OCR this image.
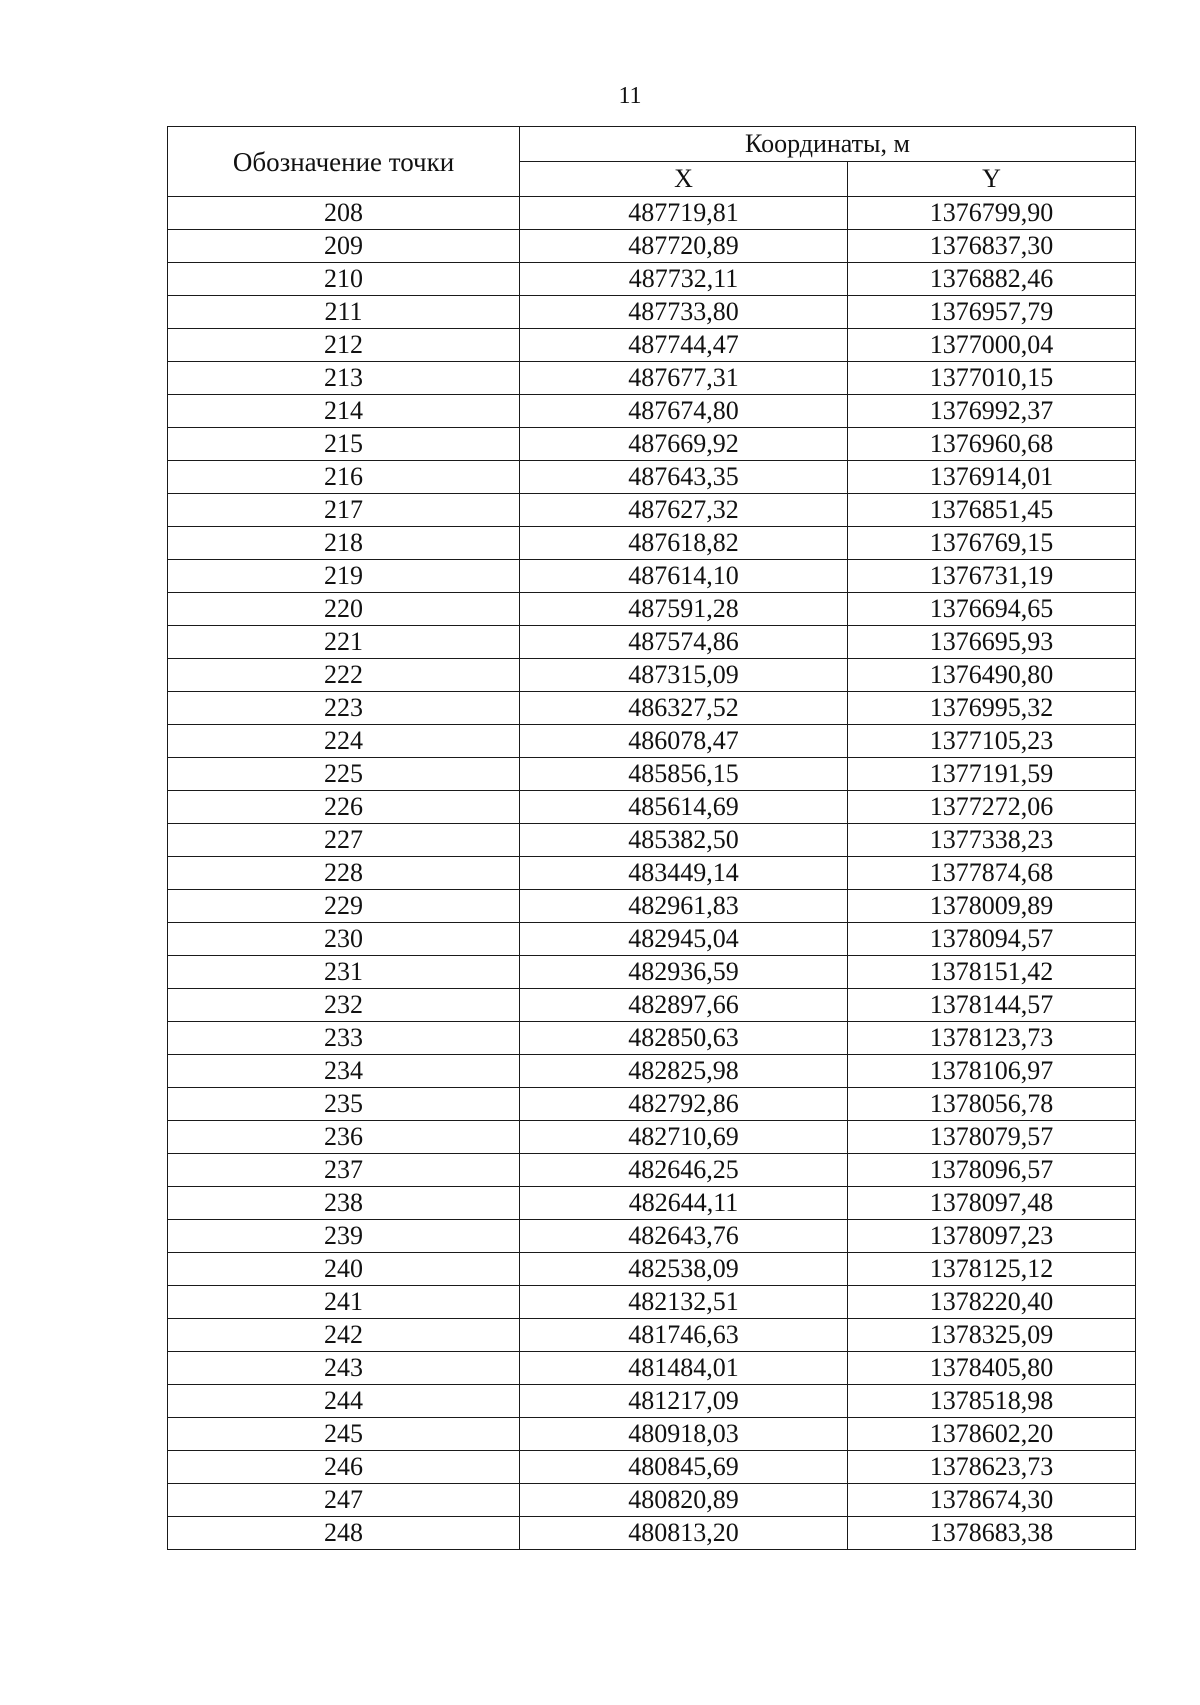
11
Обозначение точки	Координаты, м	
	X	Y
208	487719,81	1376799,90
209	487720,89	1376837,30
210	487732,11	1376882,46
211	487733,80	1376957,79
212	487744,47	1377000,04
213	487677,31	1377010,15
214	487674,80	1376992,37
215	487669,92	1376960,68
216	487643,35	1376914,01
217	487627,32	1376851,45
218	487618,82	1376769,15
219	487614,10	1376731,19
220	487591,28	1376694,65
221	487574,86	1376695,93
222	487315,09	1376490,80
223	486327,52	1376995,32
224	486078,47	1377105,23
225	485856,15	1377191,59
226	485614,69	1377272,06
227	485382,50	1377338,23
228	483449,14	1377874,68
229	482961,83	1378009,89
230	482945,04	1378094,57
231	482936,59	1378151,42
232	482897,66	1378144,57
233	482850,63	1378123,73
234	482825,98	1378106,97
235	482792,86	1378056,78
236	482710,69	1378079,57
237	482646,25	1378096,57
238	482644,11	1378097,48
239	482643,76	1378097,23
240	482538,09	1378125,12
241	482132,51	1378220,40
242	481746,63	1378325,09
243	481484,01	1378405,80
244	481217,09	1378518,98
245	480918,03	1378602,20
246	480845,69	1378623,73
247	480820,89	1378674,30
248	480813,20	1378683,38
